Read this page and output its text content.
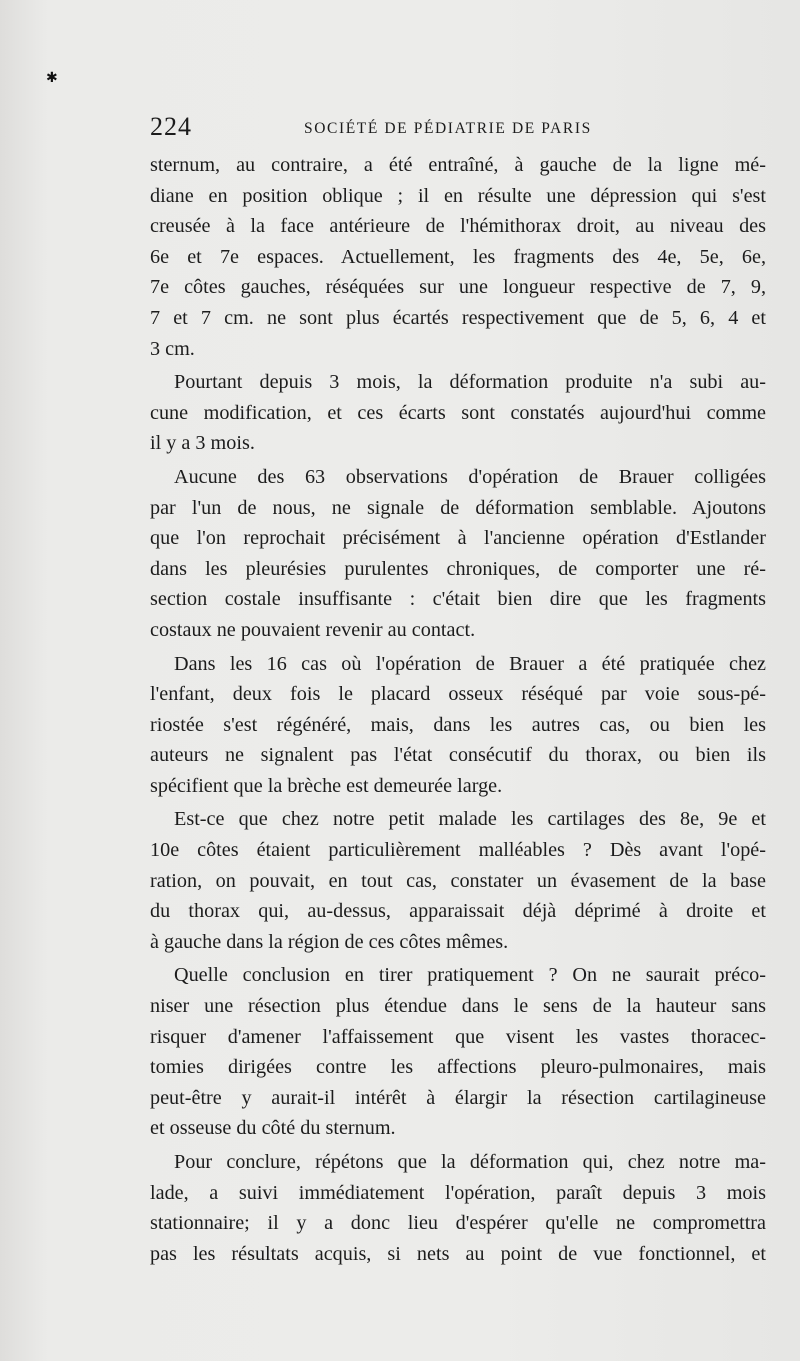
✱
224	SOCIÉTÉ DE PÉDIATRIE DE PARIS
sternum, au contraire, a été entraîné, à gauche de la ligne mé-
diane en position oblique ; il en résulte une dépression qui s'est
creusée à la face antérieure de l'hémithorax droit, au niveau des
6e et 7e espaces. Actuellement, les fragments des 4e, 5e, 6e,
7e côtes gauches, réséquées sur une longueur respective de 7, 9,
7 et 7 cm. ne sont plus écartés respectivement que de 5, 6, 4 et
3 cm.
Pourtant depuis 3 mois, la déformation produite n'a subi au-
cune modification, et ces écarts sont constatés aujourd'hui comme
il y a 3 mois.
Aucune des 63 observations d'opération de Brauer colligées
par l'un de nous, ne signale de déformation semblable. Ajoutons
que l'on reprochait précisément à l'ancienne opération d'Estlander
dans les pleurésies purulentes chroniques, de comporter une ré-
section costale insuffisante : c'était bien dire que les fragments
costaux ne pouvaient revenir au contact.
Dans les 16 cas où l'opération de Brauer a été pratiquée chez
l'enfant, deux fois le placard osseux réséqué par voie sous-pé-
riostée s'est régénéré, mais, dans les autres cas, ou bien les
auteurs ne signalent pas l'état consécutif du thorax, ou bien ils
spécifient que la brèche est demeurée large.
Est-ce que chez notre petit malade les cartilages des 8e, 9e et
10e côtes étaient particulièrement malléables ? Dès avant l'opé-
ration, on pouvait, en tout cas, constater un évasement de la base
du thorax qui, au-dessus, apparaissait déjà déprimé à droite et
à gauche dans la région de ces côtes mêmes.
Quelle conclusion en tirer pratiquement ? On ne saurait préco-
niser une résection plus étendue dans le sens de la hauteur sans
risquer d'amener l'affaissement que visent les vastes thoracec-
tomies dirigées contre les affections pleuro-pulmonaires, mais
peut-être y aurait-il intérêt à élargir la résection cartilagineuse
et osseuse du côté du sternum.
Pour conclure, répétons que la déformation qui, chez notre ma-
lade, a suivi immédiatement l'opération, paraît depuis 3 mois
stationnaire; il y a donc lieu d'espérer qu'elle ne compromettra
pas les résultats acquis, si nets au point de vue fonctionnel, et
